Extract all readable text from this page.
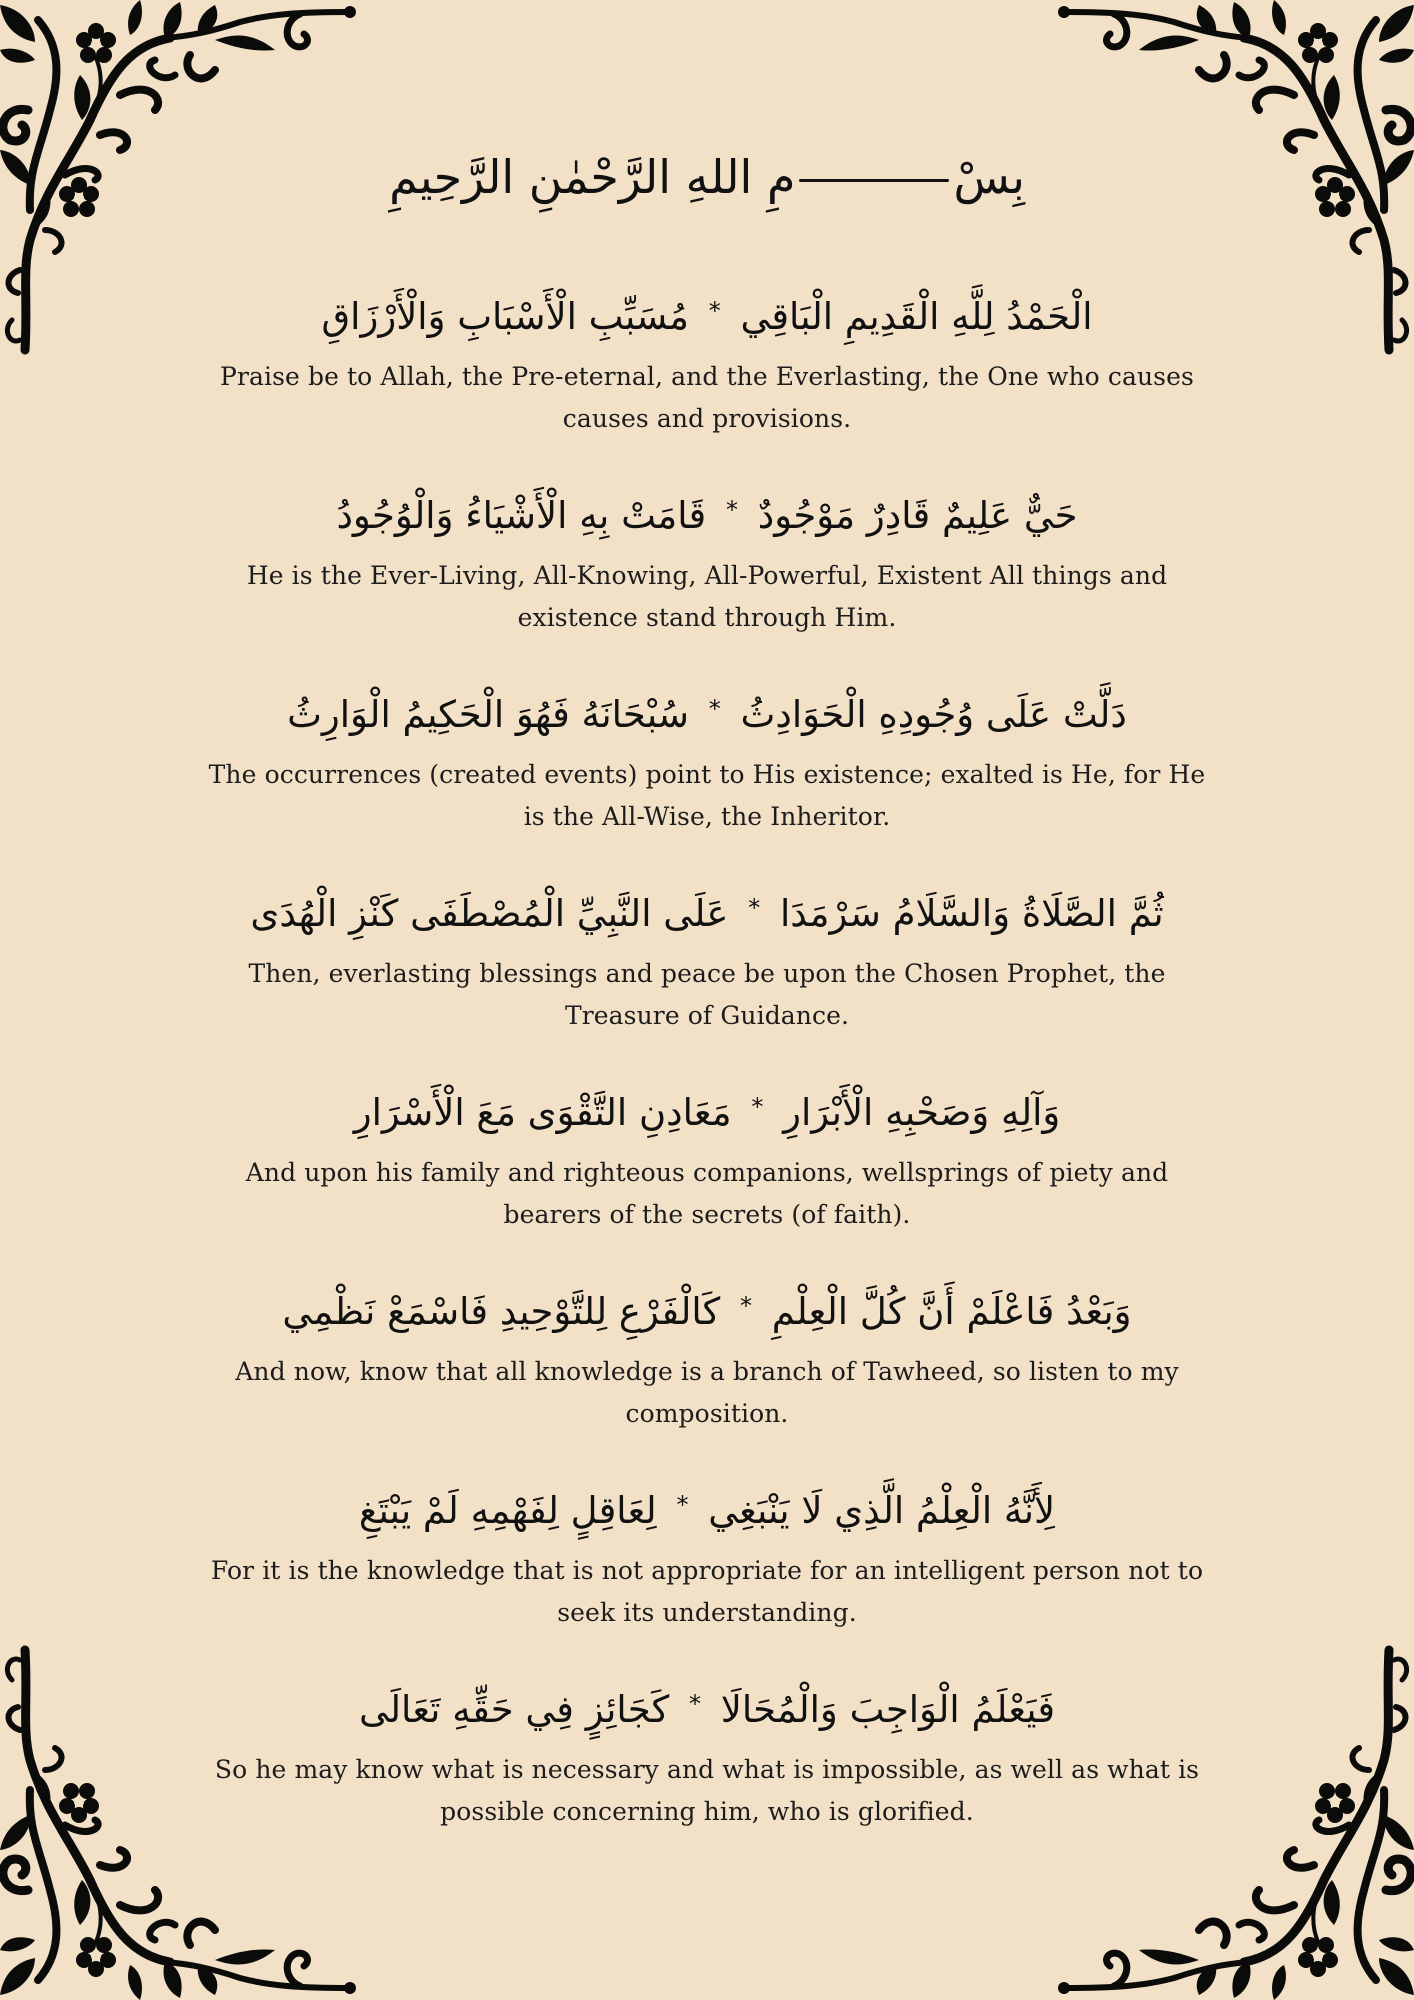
بِسْمِ اللهِ الرَّحْمٰنِ الرَّحِيمِ
الْحَمْدُ لِلَّهِ الْقَدِيمِ الْبَاقِي * مُسَبِّبِ الْأَسْبَابِ وَالْأَرْزَاقِ
Praise be to Allah, the Pre-eternal, and the Everlasting, the One who causes causes and provisions.
حَيٌّ عَلِيمٌ قَادِرٌ مَوْجُودٌ * قَامَتْ بِهِ الْأَشْيَاءُ وَالْوُجُودُ
He is the Ever-Living, All-Knowing, All-Powerful, Existent All things and existence stand through Him.
دَلَّتْ عَلَى وُجُودِهِ الْحَوَادِثُ * سُبْحَانَهُ فَهُوَ الْحَكِيمُ الْوَارِثُ
The occurrences (created events) point to His existence; exalted is He, for He is the All-Wise, the Inheritor.
ثُمَّ الصَّلَاةُ وَالسَّلَامُ سَرْمَدَا * عَلَى النَّبِيِّ الْمُصْطَفَى كَنْزِ الْهُدَى
Then, everlasting blessings and peace be upon the Chosen Prophet, the Treasure of Guidance.
وَآلِهِ وَصَحْبِهِ الْأَبْرَارِ * مَعَادِنِ التَّقْوَى مَعَ الْأَسْرَارِ
And upon his family and righteous companions, wellsprings of piety and bearers of the secrets (of faith).
وَبَعْدُ فَاعْلَمْ أَنَّ كُلَّ الْعِلْمِ * كَالْفَرْعِ لِلتَّوْحِيدِ فَاسْمَعْ نَظْمِي
And now, know that all knowledge is a branch of Tawheed, so listen to my composition.
لِأَنَّهُ الْعِلْمُ الَّذِي لَا يَنْبَغِي * لِعَاقِلٍ لِفَهْمِهِ لَمْ يَبْتَغِ
For it is the knowledge that is not appropriate for an intelligent person not to seek its understanding.
فَيَعْلَمُ الْوَاجِبَ وَالْمُحَالَا * كَجَائِزٍ فِي حَقِّهِ تَعَالَى
So he may know what is necessary and what is impossible, as well as what is possible concerning him, who is glorified.
